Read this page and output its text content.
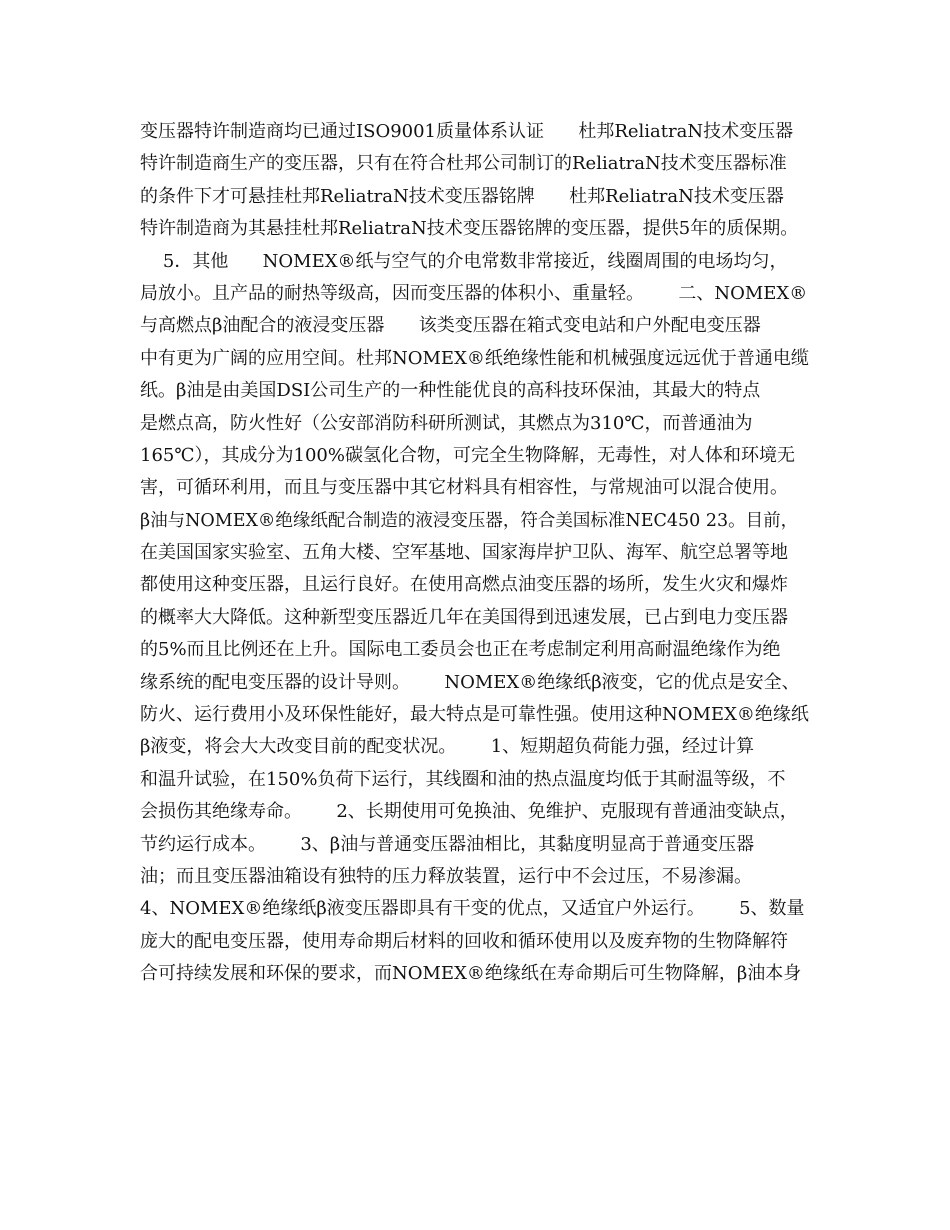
变压器特许制造商均已通过ISO9001质量体系认证      杜邦ReliatraN技术变压器
特许制造商生产的变压器，只有在符合杜邦公司制订的ReliatraN技术变压器标准
的条件下才可悬挂杜邦ReliatraN技术变压器铭牌      杜邦ReliatraN技术变压器
特许制造商为其悬挂杜邦ReliatraN技术变压器铭牌的变压器，提供5年的质保期。
5．其他      NOMEX®纸与空气的介电常数非常接近，线圈周围的电场均匀，
局放小。且产品的耐热等级高，因而变压器的体积小、重量轻。      二、NOMEX®
与高燃点β油配合的液浸变压器      该类变压器在箱式变电站和户外配电变压器
中有更为广阔的应用空间。杜邦NOMEX®纸绝缘性能和机械强度远远优于普通电缆
纸。β油是由美国DSI公司生产的一种性能优良的高科技环保油，其最大的特点
是燃点高，防火性好（公安部消防科研所测试，其燃点为310℃，而普通油为
165℃），其成分为100%碳氢化合物，可完全生物降解，无毒性，对人体和环境无
害，可循环利用，而且与变压器中其它材料具有相容性，与常规油可以混合使用。
β油与NOMEX®绝缘纸配合制造的液浸变压器，符合美国标准NEC450 23。目前，
在美国国家实验室、五角大楼、空军基地、国家海岸护卫队、海军、航空总署等地
都使用这种变压器，且运行良好。在使用高燃点油变压器的场所，发生火灾和爆炸
的概率大大降低。这种新型变压器近几年在美国得到迅速发展，已占到电力变压器
的5%而且比例还在上升。国际电工委员会也正在考虑制定利用高耐温绝缘作为绝
缘系统的配电变压器的设计导则。      NOMEX®绝缘纸β液变，它的优点是安全、
防火、运行费用小及环保性能好，最大特点是可靠性强。使用这种NOMEX®绝缘纸
β液变，将会大大改变目前的配变状况。      1、短期超负荷能力强，经过计算
和温升试验，在150%负荷下运行，其线圈和油的热点温度均低于其耐温等级，不
会损伤其绝缘寿命。      2、长期使用可免换油、免维护、克服现有普通油变缺点，
节约运行成本。      3、β油与普通变压器油相比，其黏度明显高于普通变压器
油；而且变压器油箱设有独特的压力释放装置，运行中不会过压，不易渗漏。
4、NOMEX®绝缘纸β液变压器即具有干变的优点，又适宜户外运行。      5、数量
庞大的配电变压器，使用寿命期后材料的回收和循环使用以及废弃物的生物降解符
合可持续发展和环保的要求，而NOMEX®绝缘纸在寿命期后可生物降解，β油本身
